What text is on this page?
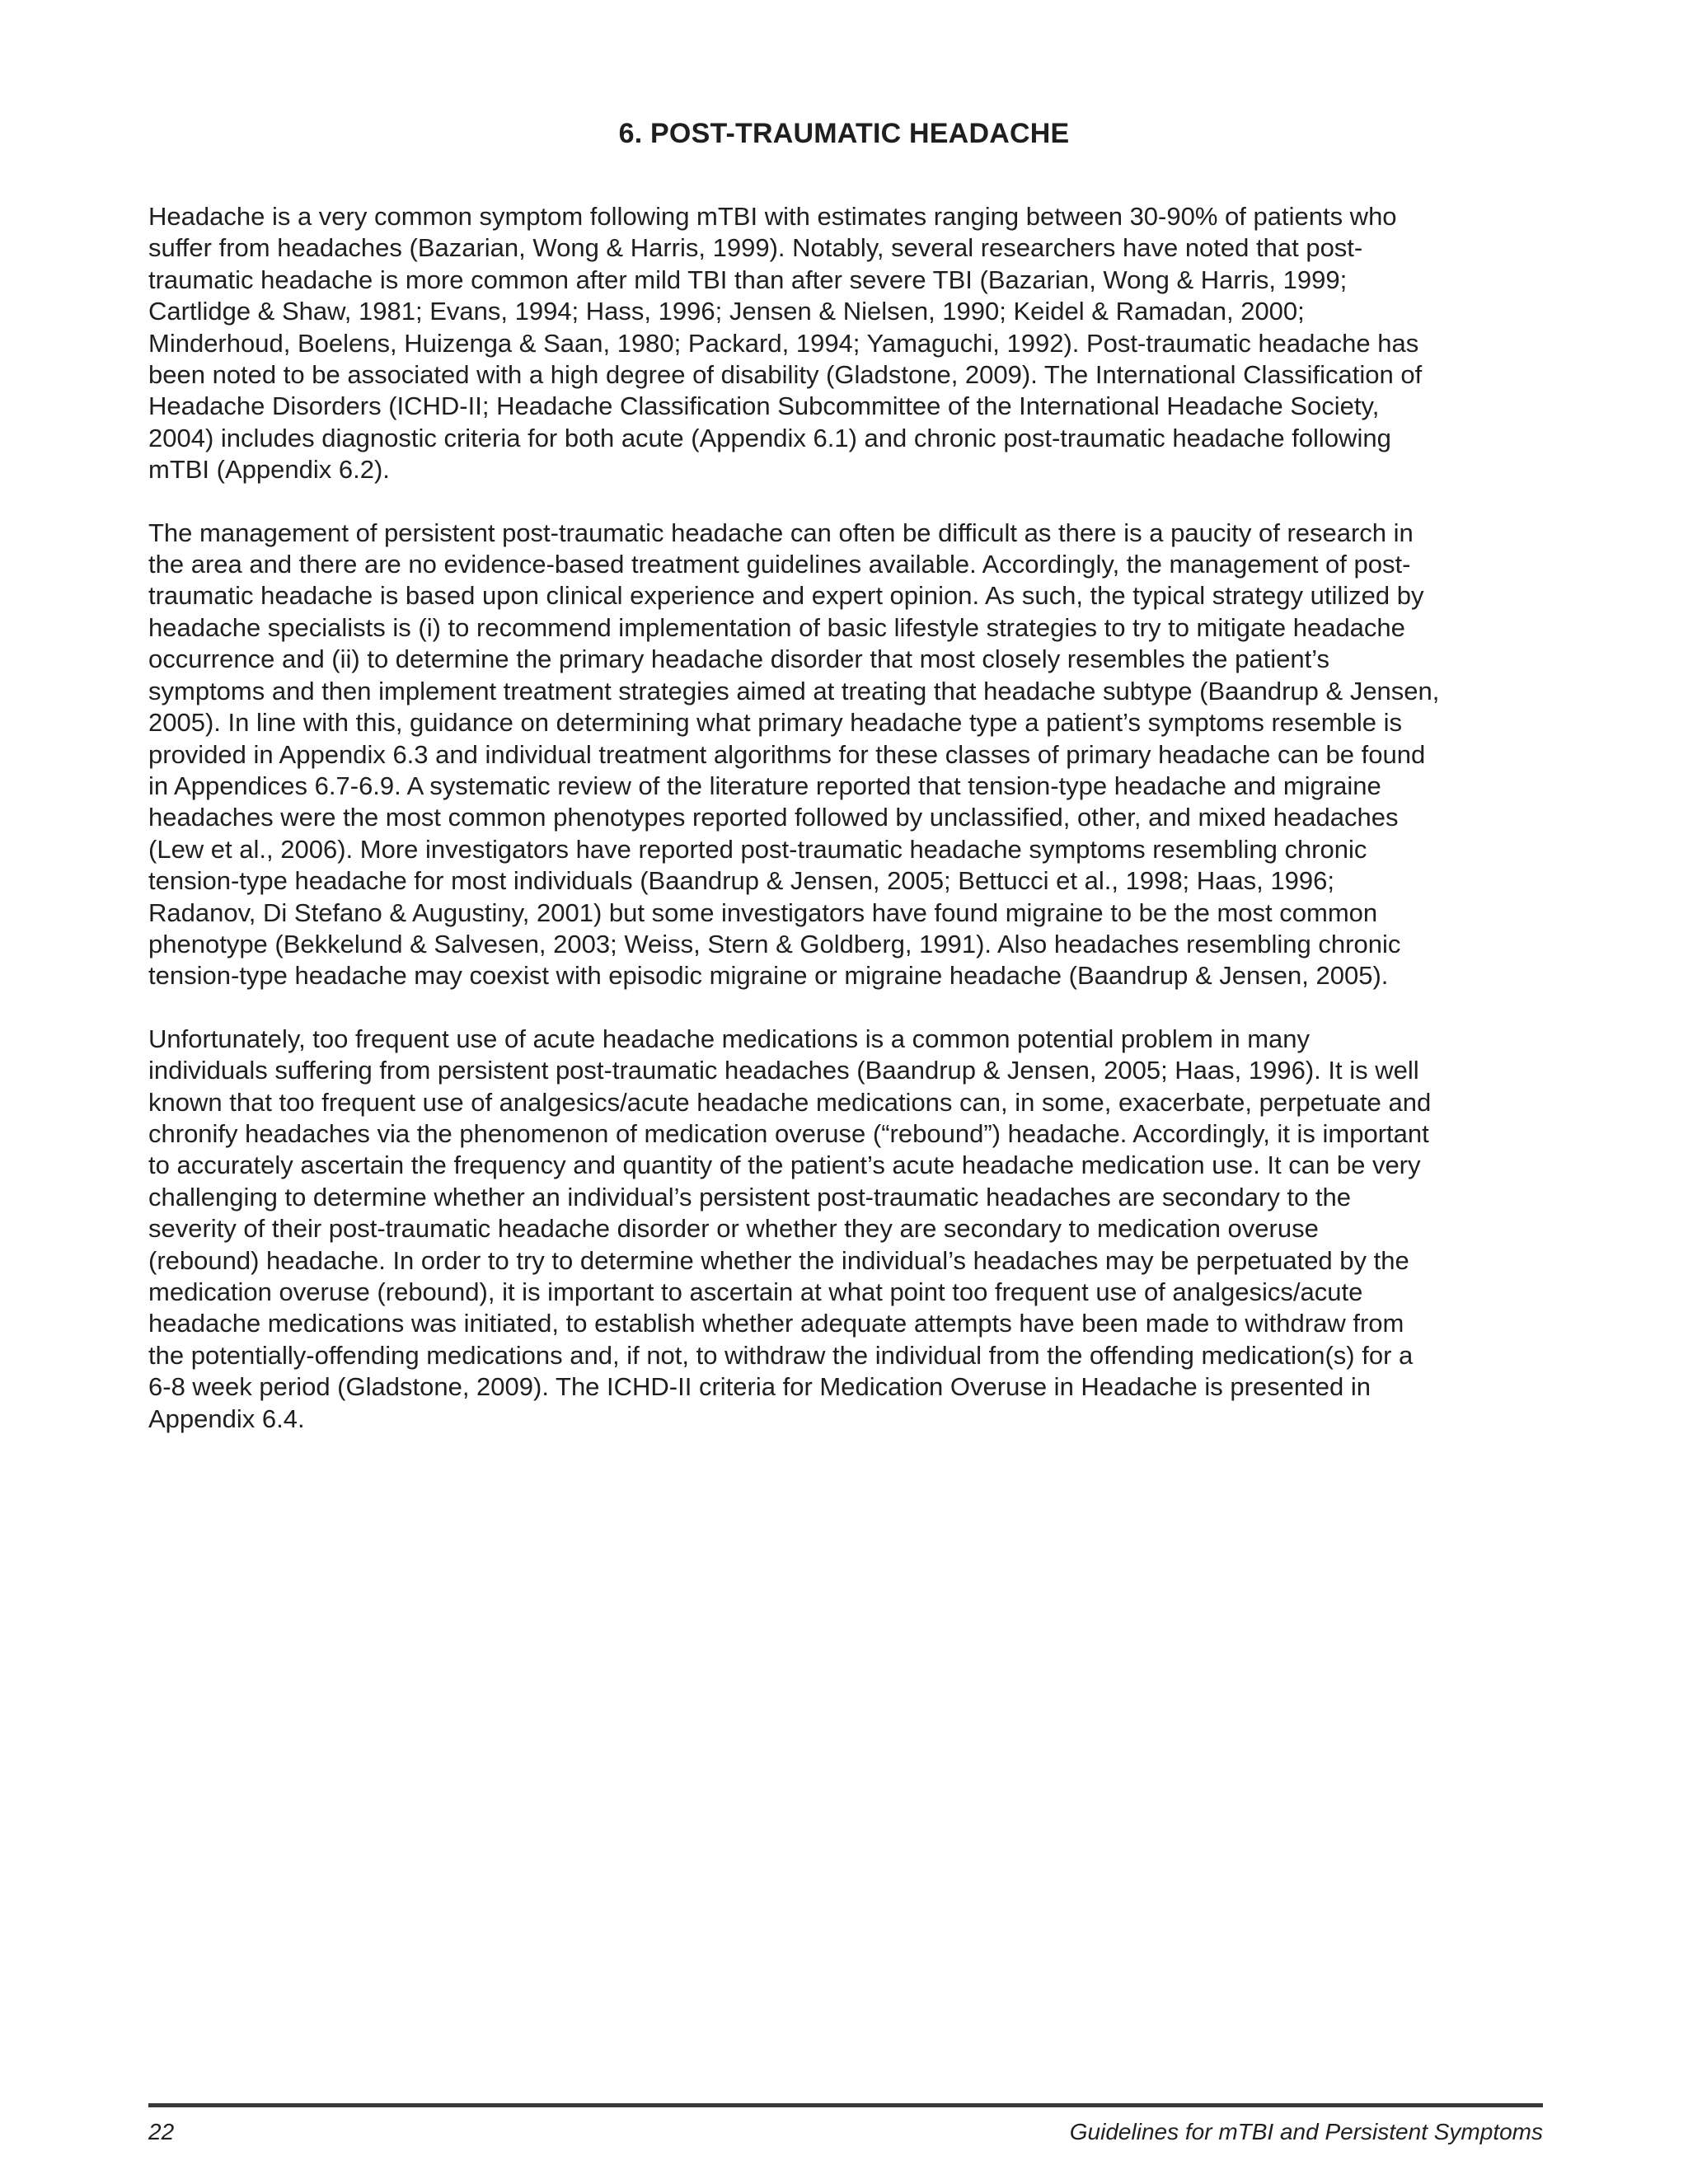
6. POST-TRAUMATIC HEADACHE

Headache is a very common symptom following mTBI with estimates ranging between 30-90% of patients who
suffer from headaches (Bazarian, Wong & Harris, 1999). Notably, several researchers have noted that post-
traumatic headache is more common after mild TBI than after severe TBI (Bazarian, Wong & Harris, 1999;
Cartlidge & Shaw, 1981; Evans, 1994; Hass, 1996; Jensen & Nielsen, 1990; Keidel & Ramadan, 2000;
Minderhoud, Boelens, Huizenga & Saan, 1980; Packard, 1994; Yamaguchi, 1992). Post-traumatic headache has
been noted to be associated with a high degree of disability (Gladstone, 2009). The International Classification of
Headache Disorders (ICHD-II; Headache Classification Subcommittee of the International Headache Society,
2004) includes diagnostic criteria for both acute (Appendix 6.1) and chronic post-traumatic headache following
mTBI (Appendix 6.2).

The management of persistent post-traumatic headache can often be difficult as there is a paucity of research in
the area and there are no evidence-based treatment guidelines available. Accordingly, the management of post-
traumatic headache is based upon clinical experience and expert opinion. As such, the typical strategy utilized by
headache specialists is (i) to recommend implementation of basic lifestyle strategies to try to mitigate headache
occurrence and (ii) to determine the primary headache disorder that most closely resembles the patient’s
symptoms and then implement treatment strategies aimed at treating that headache subtype (Baandrup & Jensen,
2005). In line with this, guidance on determining what primary headache type a patient’s symptoms resemble is
provided in Appendix 6.3 and individual treatment algorithms for these classes of primary headache can be found
in Appendices 6.7-6.9. A systematic review of the literature reported that tension-type headache and migraine
headaches were the most common phenotypes reported followed by unclassified, other, and mixed headaches
(Lew et al., 2006). More investigators have reported post-traumatic headache symptoms resembling chronic
tension-type headache for most individuals (Baandrup & Jensen, 2005; Bettucci et al., 1998; Haas, 1996;
Radanov, Di Stefano & Augustiny, 2001) but some investigators have found migraine to be the most common
phenotype (Bekkelund & Salvesen, 2003; Weiss, Stern & Goldberg, 1991). Also headaches resembling chronic
tension-type headache may coexist with episodic migraine or migraine headache (Baandrup & Jensen, 2005).

Unfortunately, too frequent use of acute headache medications is a common potential problem in many
individuals suffering from persistent post-traumatic headaches (Baandrup & Jensen, 2005; Haas, 1996). It is well
known that too frequent use of analgesics/acute headache medications can, in some, exacerbate, perpetuate and
chronify headaches via the phenomenon of medication overuse (“rebound”) headache. Accordingly, it is important
to accurately ascertain the frequency and quantity of the patient’s acute headache medication use. It can be very
challenging to determine whether an individual’s persistent post-traumatic headaches are secondary to the
severity of their post-traumatic headache disorder or whether they are secondary to medication overuse
(rebound) headache. In order to try to determine whether the individual’s headaches may be perpetuated by the
medication overuse (rebound), it is important to ascertain at what point too frequent use of analgesics/acute
headache medications was initiated, to establish whether adequate attempts have been made to withdraw from
the potentially-offending medications and, if not, to withdraw the individual from the offending medication(s) for a
6-8 week period (Gladstone, 2009). The ICHD-II criteria for Medication Overuse in Headache is presented in
Appendix 6.4.

22	Guidelines for mTBI and Persistent Symptoms
